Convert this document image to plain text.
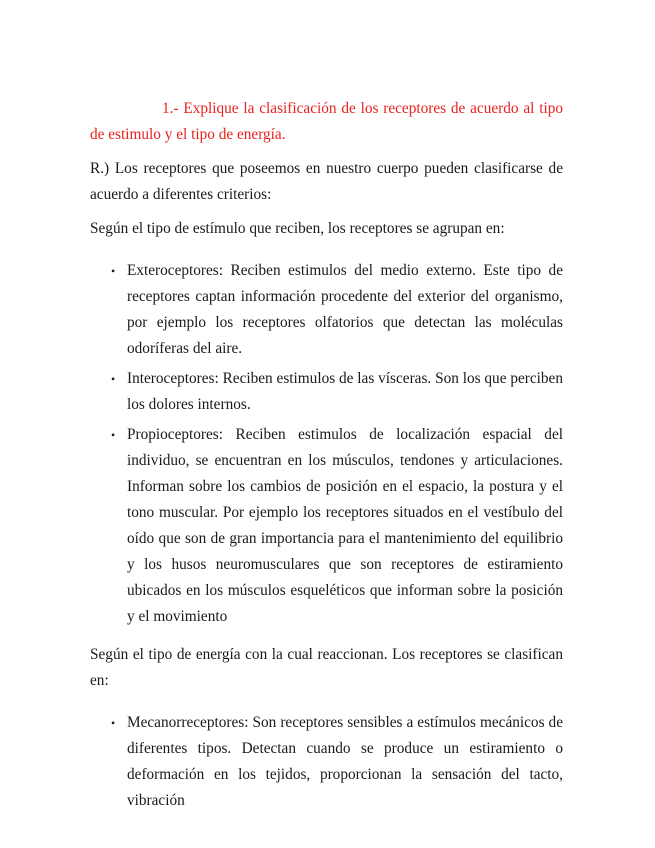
1.- Explique la clasificación de los receptores de acuerdo al tipo de estimulo y el tipo de energía.

R.) Los receptores que poseemos en nuestro cuerpo pueden clasificarse de acuerdo a diferentes criterios:

Según el tipo de estímulo que reciben, los receptores se agrupan en:

• Exteroceptores: Reciben estimulos del medio externo. Este tipo de receptores captan información procedente del exterior del organismo, por ejemplo los receptores olfatorios que detectan las moléculas odoríferas del aire.
• Interoceptores: Reciben estimulos de las vísceras. Son los que perciben los dolores internos.
• Propioceptores: Reciben estimulos de localización espacial del individuo, se encuentran en los músculos, tendones y articulaciones. Informan sobre los cambios de posición en el espacio, la postura y el tono muscular. Por ejemplo los receptores situados en el vestíbulo del oído que son de gran importancia para el mantenimiento del equilibrio y los husos neuromusculares que son receptores de estiramiento ubicados en los músculos esqueléticos que informan sobre la posición y el movimiento

Según el tipo de energía con la cual reaccionan. Los receptores se clasifican en:

• Mecanorreceptores: Son receptores sensibles a estímulos mecánicos de diferentes tipos. Detectan cuando se produce un estiramiento o deformación en los tejidos, proporcionan la sensación del tacto, vibración
